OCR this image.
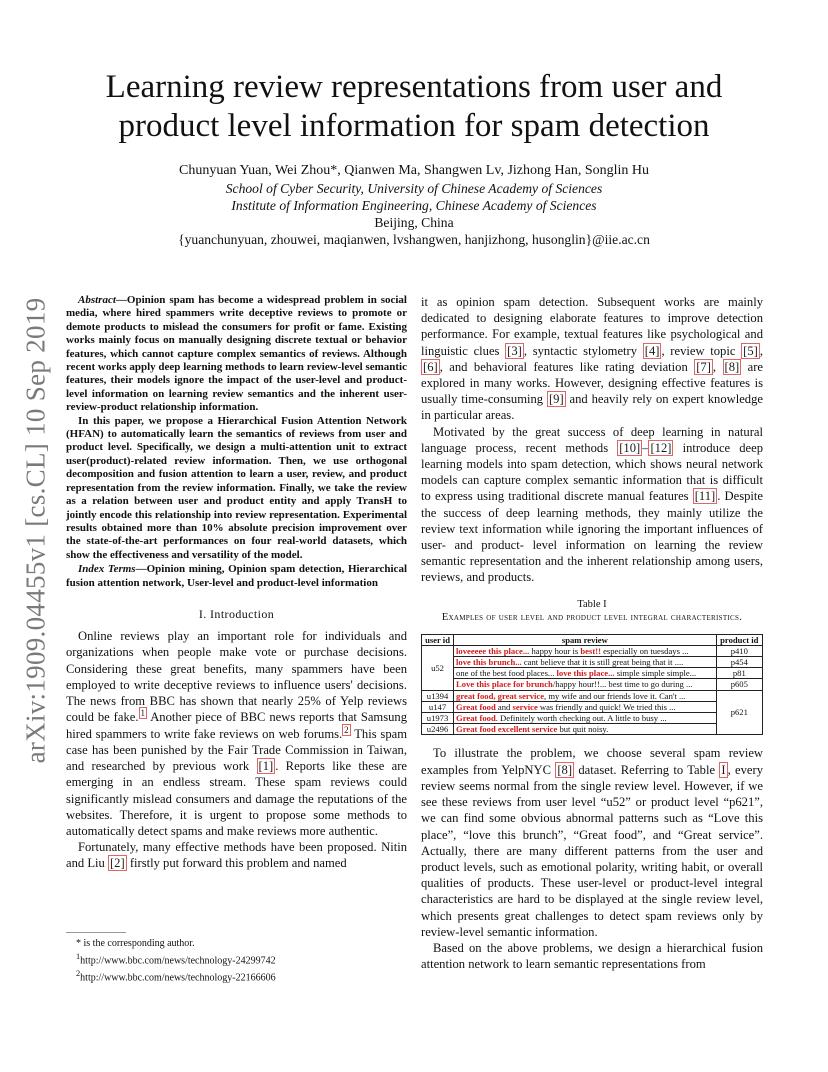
arXiv:1909.04455v1 [cs.CL] 10 Sep 2019
Learning review representations from user and
product level information for spam detection
Chunyuan Yuan, Wei Zhou*, Qianwen Ma, Shangwen Lv, Jizhong Han, Songlin Hu
School of Cyber Security, University of Chinese Academy of Sciences
Institute of Information Engineering, Chinese Academy of Sciences
Beijing, China
{yuanchunyuan, zhouwei, maqianwen, lvshangwen, hanjizhong, husonglin}@iie.ac.cn

Abstract—Opinion spam has become a widespread problem in social media, where hired spammers write deceptive reviews to promote or demote products to mislead the consumers for profit or fame. Existing works mainly focus on manually designing discrete textual or behavior features, which cannot capture complex semantics of reviews. Although recent works apply deep learning methods to learn review-level semantic features, their models ignore the impact of the user-level and product-level information on learning review semantics and the inherent user-review-product relationship information.

In this paper, we propose a Hierarchical Fusion Attention Network (HFAN) to automatically learn the semantics of reviews from user and product level. Specifically, we design a multi-attention unit to extract user(product)-related review information. Then, we use orthogonal decomposition and fusion attention to learn a user, review, and product representation from the review information. Finally, we take the review as a relation between user and product entity and apply TransH to jointly encode this relationship into review representation. Experimental results obtained more than 10% absolute precision improvement over the state-of-the-art performances on four real-world datasets, which show the effectiveness and versatility of the model.

Index Terms—Opinion mining, Opinion spam detection, Hierarchical fusion attention network, User-level and product-level information

I. Introduction

Online reviews play an important role for individuals and organizations when people make vote or purchase decisions. Considering these great benefits, many spammers have been employed to write deceptive reviews to influence users' decisions. The news from BBC has shown that nearly 25% of Yelp reviews could be fake. $^1$ Another piece of BBC news reports that Samsung hired spammers to write fake reviews on web forums. $^2$ This spam case has been punished by the Fair Trade Commission in Taiwan, and researched by previous work [1] . Reports like these are emerging in an endless stream. These spam reviews could significantly mislead consumers and damage the reputations of the websites. Therefore, it is urgent to propose some methods to automatically detect spams and make reviews more authentic.

Fortunately, many effective methods have been proposed. Nitin and Liu [2] firstly put forward this problem and named

* is the corresponding author.
$^1$http://www.bbc.com/news/technology-24299742
$^2$http://www.bbc.com/news/technology-22166606

it as opinion spam detection. Subsequent works are mainly dedicated to designing elaborate features to improve detection performance. For example, textual features like psychological and linguistic clues [3] , syntactic stylometry [4] , review topic [5] , [6] , and behavioral features like rating deviation [7] , [8] are explored in many works. However, designing effective features is usually time-consuming [9] and heavily rely on expert knowledge in particular areas.

Motivated by the great success of deep learning in natural language process, recent methods [10] – [12] introduce deep learning models into spam detection, which shows neural network models can capture complex semantic information that is difficult to express using traditional discrete manual features [11] . Despite the success of deep learning methods, they mainly utilize the review text information while ignoring the important influences of user- and product- level information on learning the review semantic representation and the inherent relationship among users, reviews, and products.

Table I
Examples of user level and product level integral characteristics.
user id	spam review	product id
u52	loveeeee this place... happy hour is best!! especially on tuesdays ...	p410
	love this brunch... cant believe that it is still great being that it ....	p454
	one of the best food places... love this place... simple simple simple...	p81
	Love this place for brunch/happy hour!!... best time to go during ...	p605
u1394	great food, great service, my wife and our friends love it. Can't ...	p621
u147	Great food and service was friendly and quick! We tried this ...	
u1973	Great food. Definitely worth checking out. A little to busy ...	
u2496	Great food excellent service but quit noisy.	

To illustrate the problem, we choose several spam review examples from YelpNYC [8] dataset. Referring to Table I , every review seems normal from the single review level. However, if we see these reviews from user level “u52” or product level “p621”, we can find some obvious abnormal patterns such as “Love this place”, “love this brunch”, “Great food”, and “Great service”. Actually, there are many different patterns from the user and product levels, such as emotional polarity, writing habit, or overall qualities of products. These user-level or product-level integral characteristics are hard to be displayed at the single review level, which presents great challenges to detect spam reviews only by review-level semantic information.

Based on the above problems, we design a hierarchical fusion attention network to learn semantic representations from
